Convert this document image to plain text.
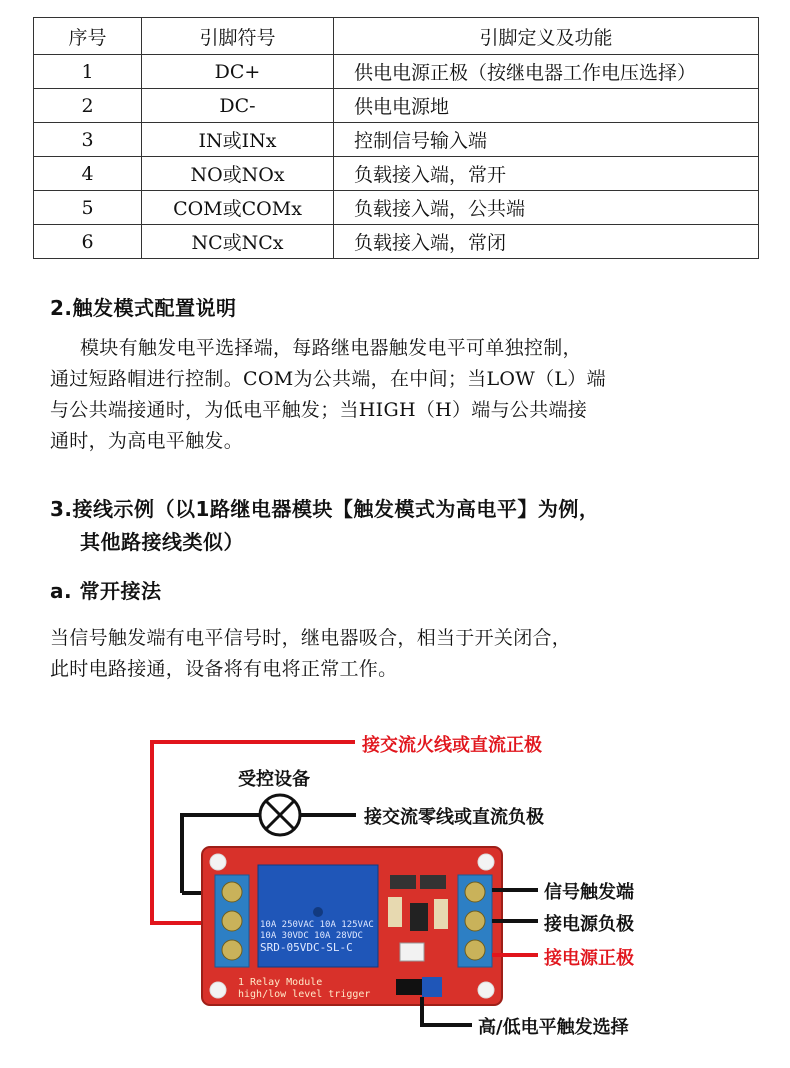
序号	引脚符号	引脚定义及功能
1	DC+	供电电源正极（按继电器工作电压选择）
2	DC-	供电电源地
3	IN或INx	控制信号输入端
4	NO或NOx	负载接入端，常开
5	COM或COMx	负载接入端，公共端
6	NC或NCx	负载接入端，常闭
2.触发模式配置说明

模块有触发电平选择端，每路继电器触发电平可单独控制，

通过短路帽进行控制。COM为公共端，在中间；当LOW（L）端

与公共端接通时，为低电平触发；当HIGH（H）端与公共端接

通时，为高电平触发。

3.接线示例（以1路继电器模块【触发模式为高电平】为例，
其他路接线类似）
a. 常开接法

当信号触发端有电平信号时，继电器吸合，相当于开关闭合，

此时电路接通，设备将有电将正常工作。

10A 250VAC 10A 125VAC
10A 30VDC 10A 28VDC
SRD-05VDC-SL-C
1 Relay Module
high/low level trigger
接交流火线或直流正极
受控设备
接交流零线或直流负极
信号触发端
接电源负极
接电源正极
高/低电平触发选择
